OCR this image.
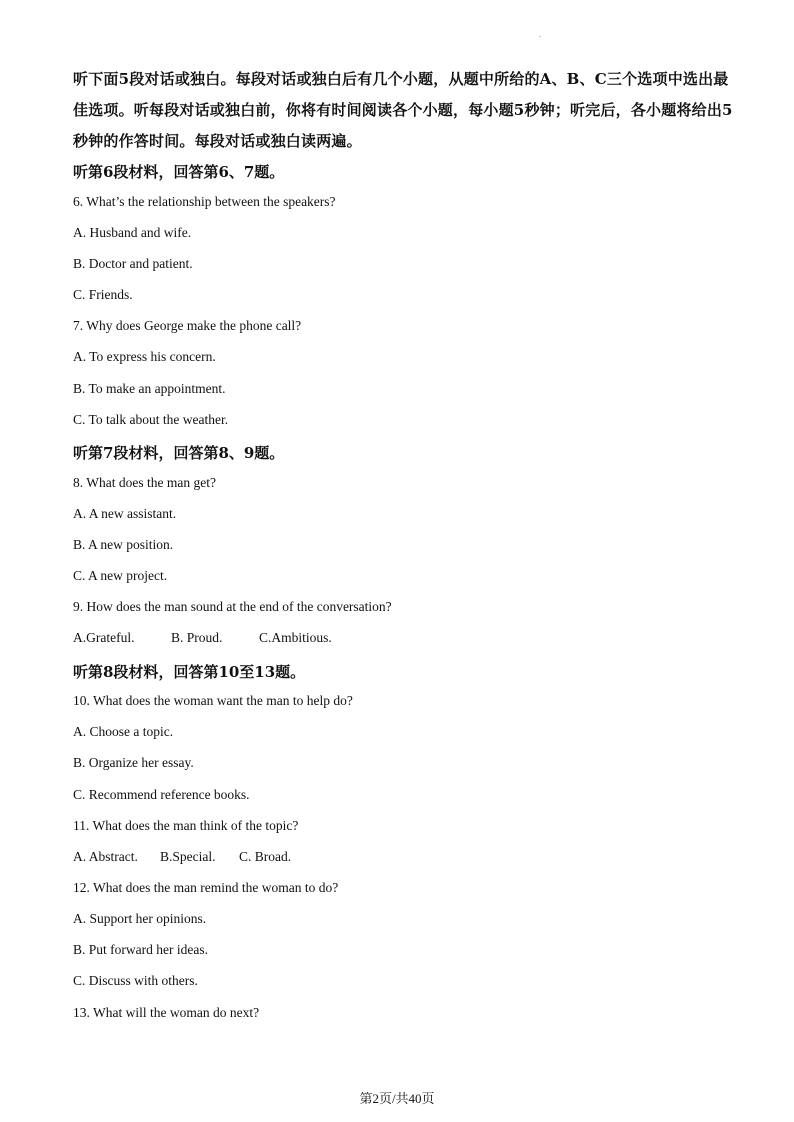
.
听下面5段对话或独白。每段对话或独白后有几个小题，从题中所给的A、B、C三个选项中选出最佳选项。听每段对话或独白前，你将有时间阅读各个小题，每小题5秒钟；听完后，各小题将给出5秒钟的作答时间。每段对话或独白读两遍。
听第6段材料，回答第6、7题。
6. What’s the relationship between the speakers?
A. Husband and wife.
B. Doctor and patient.
C. Friends.
7. Why does George make the phone call?
A. To express his concern.
B. To make an appointment.
C. To talk about the weather.
听第7段材料，回答第8、9题。
8. What does the man get?
A. A new assistant.
B. A new position.
C. A new project.
9. How does the man sound at the end of the conversation?
A.Grateful.	B. Proud.	C.Ambitious.
听第8段材料，回答第10至13题。
10. What does the woman want the man to help do?
A. Choose a topic.
B. Organize her essay.
C. Recommend reference books.
11. What does the man think of the topic?
A. Abstract. B.Special. C. Broad.
12. What does the man remind the woman to do?
A. Support her opinions.
B. Put forward her ideas.
C. Discuss with others.
13. What will the woman do next?
第2页/共40页
